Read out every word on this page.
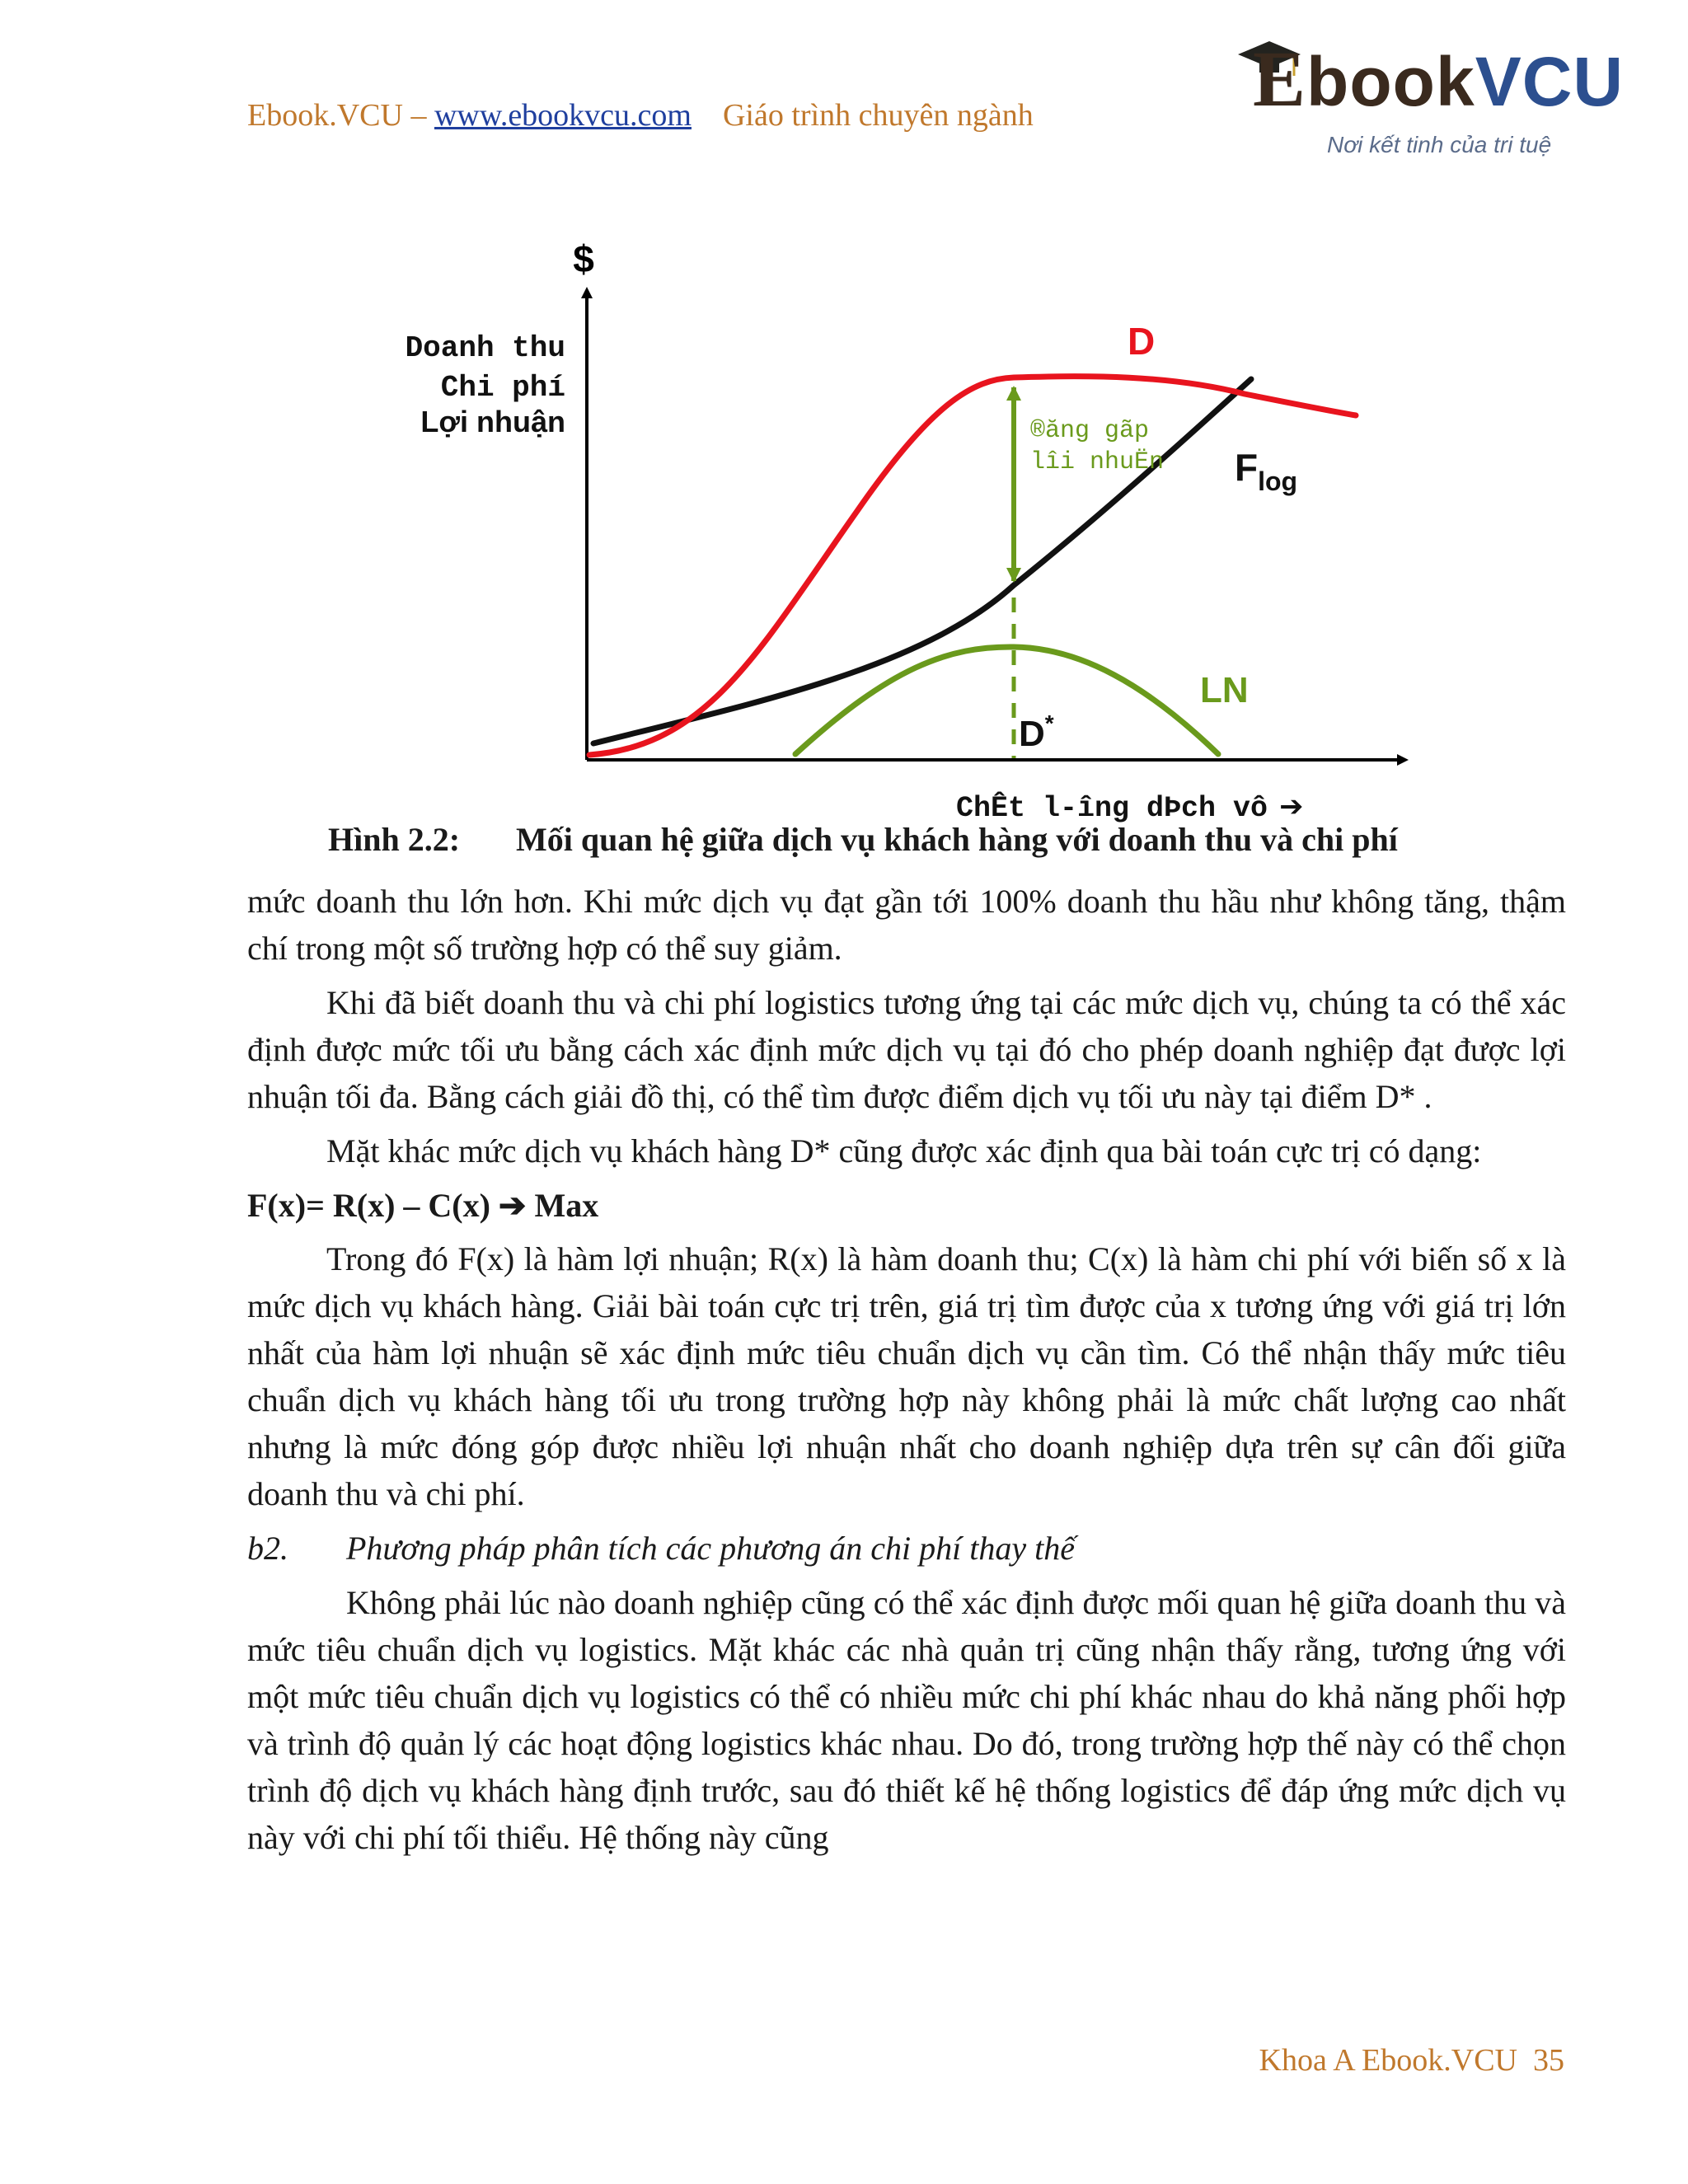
Ebook.VCU – www.ebookvcu.com Giáo trình chuyên ngành	EbookVCU
Nơi kết tinh của tri tuệ
$
Doanh thu
Chi phí
Lợi nhuận	®ăng gãp
lîi nhuËn
D
$F_{log}$
LN
D*
ChÊt l-îng dÞch vô ➔
Hình 2.2: Mối quan hệ giữa dịch vụ khách hàng với doanh thu và chi phí

mức doanh thu lớn hơn. Khi mức dịch vụ đạt gần tới 100% doanh thu hầu như không tăng, thậm chí trong một số trường hợp có thể suy giảm.

Khi đã biết doanh thu và chi phí logistics tương ứng tại các mức dịch vụ, chúng ta có thể xác định được mức tối ưu bằng cách xác định mức dịch vụ tại đó cho phép doanh nghiệp đạt được lợi nhuận tối đa. Bằng cách giải đồ thị, có thể tìm được điểm dịch vụ tối ưu này tại điểm D* .

Mặt khác mức dịch vụ khách hàng D* cũng được xác định qua bài toán cực trị có dạng:

F(x)= R(x) – C(x) ➔ Max

Trong đó F(x) là hàm lợi nhuận; R(x) là hàm doanh thu; C(x) là hàm chi phí với biến số x là mức dịch vụ khách hàng. Giải bài toán cực trị trên, giá trị tìm được của x tương ứng với giá trị lớn nhất của hàm lợi nhuận sẽ xác định mức tiêu chuẩn dịch vụ cần tìm. Có thể nhận thấy mức tiêu chuẩn dịch vụ khách hàng tối ưu trong trường hợp này không phải là mức chất lượng cao nhất nhưng là mức đóng góp được nhiều lợi nhuận nhất cho doanh nghiệp dựa trên sự cân đối giữa doanh thu và chi phí.

b2. Phương pháp phân tích các phương án chi phí thay thế

Không phải lúc nào doanh nghiệp cũng có thể xác định được mối quan hệ giữa doanh thu và mức tiêu chuẩn dịch vụ logistics. Mặt khác các nhà quản trị cũng nhận thấy rằng, tương ứng với một mức tiêu chuẩn dịch vụ logistics có thể có nhiều mức chi phí khác nhau do khả năng phối hợp và trình độ quản lý các hoạt động logistics khác nhau. Do đó, trong trường hợp thế này có thể chọn trình độ dịch vụ khách hàng định trước, sau đó thiết kế hệ thống logistics để đáp ứng mức dịch vụ này với chi phí tối thiểu. Hệ thống này cũng

Khoa A Ebook.VCU 35
